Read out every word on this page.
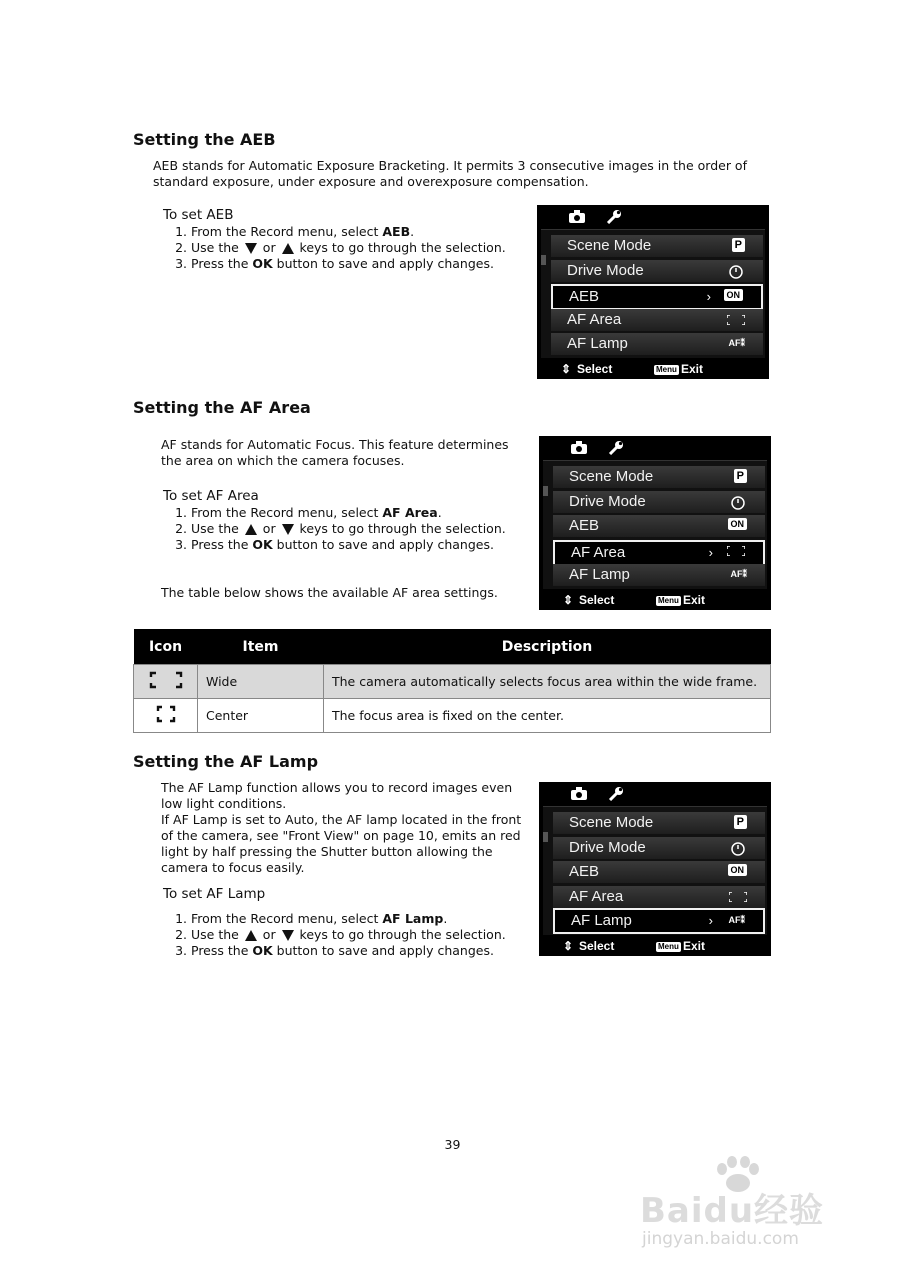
Setting the AEB
AEB stands for Automatic Exposure Bracketing. It permits 3 consecutive images in the order of standard exposure, under exposure and overexposure compensation.
To set AEB
1. From the Record menu, select AEB.
2. Use the  or  keys to go through the selection.
3. Press the OK button to save and apply changes.
Scene Mode	P
Drive Mode
AEB	›	ON
AF Area
AF Lamp	AF⁑
⇕ Select	Menu Exit
Setting the AF Area
AF stands for Automatic Focus. This feature determines the area on which the camera focuses.
To set AF Area
1. From the Record menu, select AF Area.
2. Use the  or  keys to go through the selection.
3. Press the OK button to save and apply changes.
The table below shows the available AF area settings.
Scene Mode	P
Drive Mode
AEB	ON
AF Area	›
AF Lamp	AF⁑
⇕ Select	Menu Exit
Icon	Item	Description
	Wide	The camera automatically selects focus area within the wide frame.
	Center	The focus area is fixed on the center.
Setting the AF Lamp
The AF Lamp function allows you to record images even low light conditions.
If AF Lamp is set to Auto, the AF lamp located in the front of the camera, see "Front View" on page 10, emits an red light by half pressing the Shutter button allowing the camera to focus easily.
To set AF Lamp
1. From the Record menu, select AF Lamp.
2. Use the  or  keys to go through the selection.
3. Press the OK button to save and apply changes.
Scene Mode	P
Drive Mode
AEB	ON
AF Area
AF Lamp	› AF⁑
⇕ Select	Menu Exit
39
Baidu经验
jingyan.baidu.com
